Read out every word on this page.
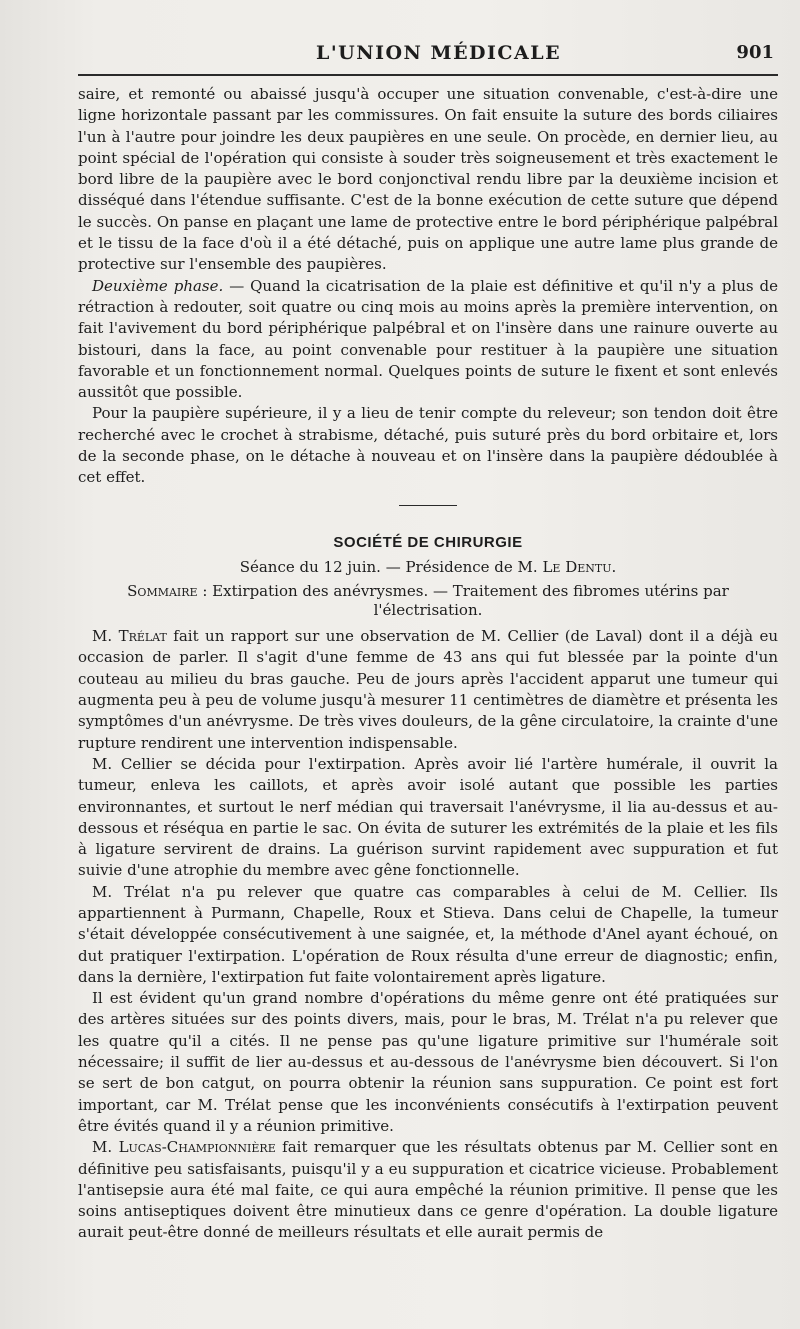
L'UNION MÉDICALE	901

saire, et remonté ou abaissé jusqu'à occuper une situation convenable, c'est-à-dire une ligne horizontale passant par les commissures. On fait ensuite la suture des bords ciliaires l'un à l'autre pour joindre les deux paupières en une seule. On procède, en dernier lieu, au point spécial de l'opération qui consiste à souder très soigneusement et très exactement le bord libre de la paupière avec le bord conjonctival rendu libre par la deuxième incision et disséqué dans l'étendue suffisante. C'est de la bonne exécution de cette suture que dépend le succès. On panse en plaçant une lame de protective entre le bord périphérique palpébral et le tissu de la face d'où il a été détaché, puis on applique une autre lame plus grande de protective sur l'ensemble des paupières.

Deuxième phase. — Quand la cicatrisation de la plaie est définitive et qu'il n'y a plus de rétraction à redouter, soit quatre ou cinq mois au moins après la première intervention, on fait l'avivement du bord périphérique palpébral et on l'insère dans une rainure ouverte au bistouri, dans la face, au point convenable pour restituer à la paupière une situation favorable et un fonctionnement normal. Quelques points de suture le fixent et sont enlevés aussitôt que possible.

Pour la paupière supérieure, il y a lieu de tenir compte du releveur; son tendon doit être recherché avec le crochet à strabisme, détaché, puis suturé près du bord orbitaire et, lors de la seconde phase, on le détache à nouveau et on l'insère dans la paupière dédoublée à cet effet.

SOCIÉTÉ DE CHIRURGIE
Séance du 12 juin. — Présidence de M. Le Dentu.
Sommaire : Extirpation des anévrysmes. — Traitement des fibromes utérins par l'électrisation.

M. Trélat fait un rapport sur une observation de M. Cellier (de Laval) dont il a déjà eu occasion de parler. Il s'agit d'une femme de 43 ans qui fut blessée par la pointe d'un couteau au milieu du bras gauche. Peu de jours après l'accident apparut une tumeur qui augmenta peu à peu de volume jusqu'à mesurer 11 centimètres de diamètre et présenta les symptômes d'un anévrysme. De très vives douleurs, de la gêne circulatoire, la crainte d'une rupture rendirent une intervention indispensable.

M. Cellier se décida pour l'extirpation. Après avoir lié l'artère humérale, il ouvrit la tumeur, enleva les caillots, et après avoir isolé autant que possible les parties environnantes, et surtout le nerf médian qui traversait l'anévrysme, il lia au-dessus et au-dessous et réséqua en partie le sac. On évita de suturer les extrémités de la plaie et les fils à ligature servirent de drains. La guérison survint rapidement avec suppuration et fut suivie d'une atrophie du membre avec gêne fonctionnelle.

M. Trélat n'a pu relever que quatre cas comparables à celui de M. Cellier. Ils appartiennent à Purmann, Chapelle, Roux et Stieva. Dans celui de Chapelle, la tumeur s'était développée consécutivement à une saignée, et, la méthode d'Anel ayant échoué, on dut pratiquer l'extirpation. L'opération de Roux résulta d'une erreur de diagnostic; enfin, dans la dernière, l'extirpation fut faite volontairement après ligature.

Il est évident qu'un grand nombre d'opérations du même genre ont été pratiquées sur des artères situées sur des points divers, mais, pour le bras, M. Trélat n'a pu relever que les quatre qu'il a cités. Il ne pense pas qu'une ligature primitive sur l'humérale soit nécessaire; il suffit de lier au-dessus et au-dessous de l'anévrysme bien découvert. Si l'on se sert de bon catgut, on pourra obtenir la réunion sans suppuration. Ce point est fort important, car M. Trélat pense que les inconvénients consécutifs à l'extirpation peuvent être évités quand il y a réunion primitive.

M. Lucas-Championnière fait remarquer que les résultats obtenus par M. Cellier sont en définitive peu satisfaisants, puisqu'il y a eu suppuration et cicatrice vicieuse. Probablement l'antisepsie aura été mal faite, ce qui aura empêché la réunion primitive. Il pense que les soins antiseptiques doivent être minutieux dans ce genre d'opération. La double ligature aurait peut-être donné de meilleurs résultats et elle aurait permis de
